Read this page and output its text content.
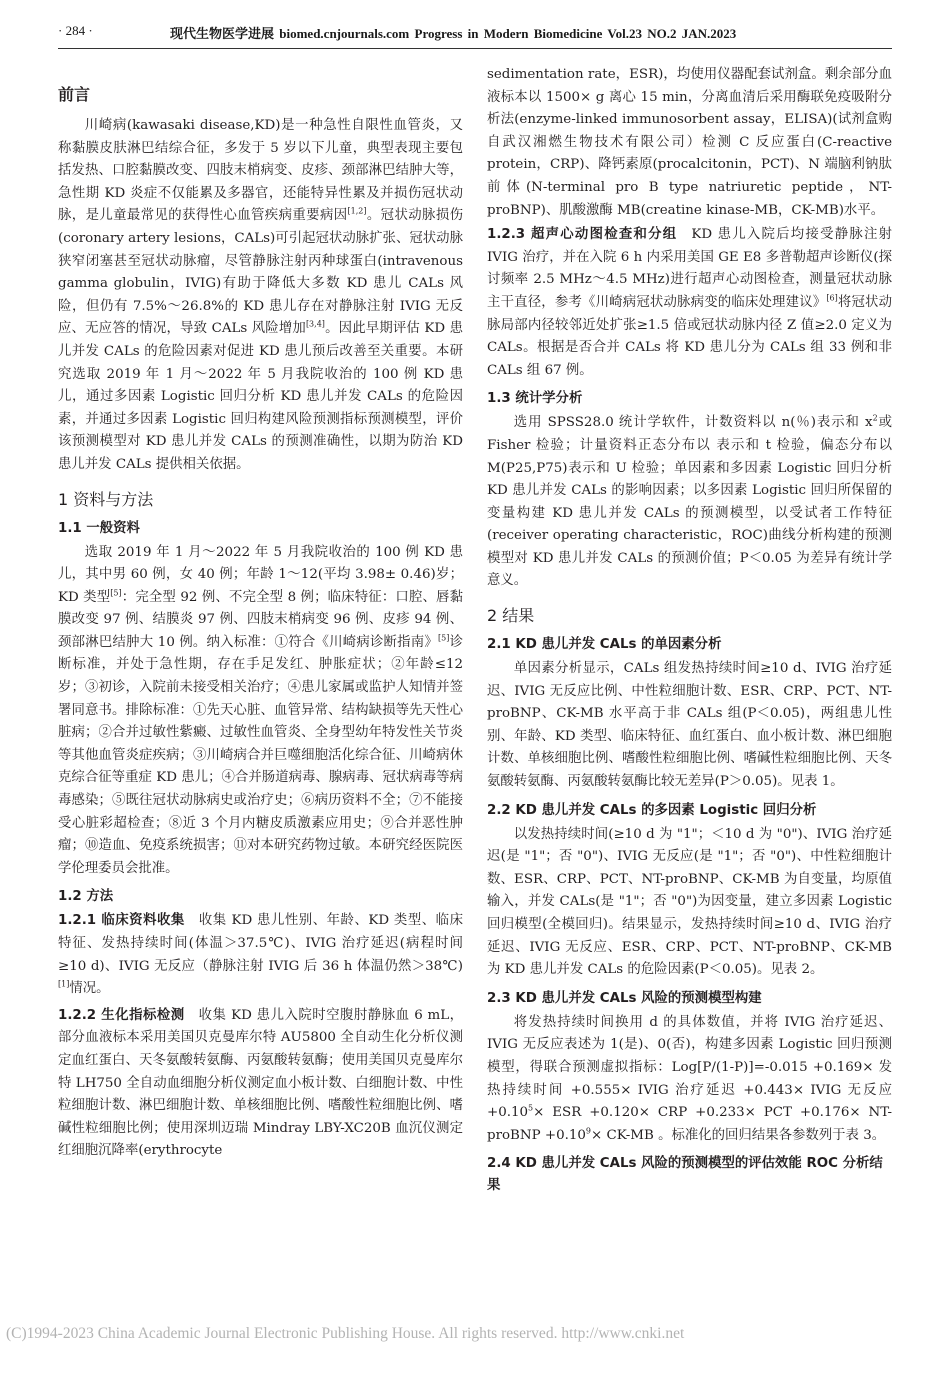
· 284 ·	现代生物医学进展 biomed.cnjournals.com Progress in Modern Biomedicine Vol.23 NO.2 JAN.2023
前言

川崎病(kawasaki disease,KD)是一种急性自限性血管炎，又称黏膜皮肤淋巴结综合征，多发于 5 岁以下儿童，典型表现主要包括发热、口腔黏膜改变、四肢末梢病变、皮疹、颈部淋巴结肿大等，急性期 KD 炎症不仅能累及多器官，还能特异性累及并损伤冠状动脉，是儿童最常见的获得性心血管疾病重要病因[1,2]。冠状动脉损伤(coronary artery lesions，CALs)可引起冠状动脉扩张、冠状动脉狭窄闭塞甚至冠状动脉瘤，尽管静脉注射丙种球蛋白(intravenous gamma globulin，IVIG)有助于降低大多数 KD 患儿 CALs 风险，但仍有 7.5%～26.8%的 KD 患儿存在对静脉注射 IVIG 无反应、无应答的情况，导致 CALs 风险增加[3,4]。因此早期评估 KD 患儿并发 CALs 的危险因素对促进 KD 患儿预后改善至关重要。本研究选取 2019 年 1 月～2022 年 5 月我院收治的 100 例 KD 患儿，通过多因素 Logistic 回归分析 KD 患儿并发 CALs 的危险因素，并通过多因素 Logistic 回归构建风险预测指标预测模型，评价该预测模型对 KD 患儿并发 CALs 的预测准确性，以期为防治 KD 患儿并发 CALs 提供相关依据。

1 资料与方法
1.1 一般资料

选取 2019 年 1 月～2022 年 5 月我院收治的 100 例 KD 患儿，其中男 60 例，女 40 例；年龄 1～12(平均 3.98± 0.46)岁；KD 类型[5]：完全型 92 例、不完全型 8 例；临床特征：口腔、唇黏膜改变 97 例、结膜炎 97 例、四肢末梢病变 96 例、皮疹 94 例、颈部淋巴结肿大 10 例。纳入标准：①符合《川崎病诊断指南》[5]诊断标准，并处于急性期，存在手足发红、肿胀症状；②年龄≤12 岁；③初诊，入院前未接受相关治疗；④患儿家属或监护人知情并签署同意书。排除标准：①先天心脏、血管异常、结构缺损等先天性心脏病；②合并过敏性紫癜、过敏性血管炎、全身型幼年特发性关节炎等其他血管炎症疾病；③川崎病合并巨噬细胞活化综合征、川崎病休克综合征等重症 KD 患儿；④合并肠道病毒、腺病毒、冠状病毒等病毒感染；⑤既往冠状动脉病史或治疗史；⑥病历资料不全；⑦不能接受心脏彩超检查；⑧近 3 个月内糖皮质激素应用史；⑨合并恶性肿瘤；⑩造血、免疫系统损害；⑪对本研究药物过敏。本研究经医院医学伦理委员会批准。

1.2 方法

1.2.1 临床资料收集 收集 KD 患儿性别、年龄、KD 类型、临床特征、发热持续时间(体温＞37.5℃)、IVIG 治疗延迟(病程时间≥10 d)、IVIG 无反应（静脉注射 IVIG 后 36 h 体温仍然＞38℃)[1]情况。

1.2.2 生化指标检测 收集 KD 患儿入院时空腹肘静脉血 6 mL，部分血液标本采用美国贝克曼库尔特 AU5800 全自动生化分析仪测定血红蛋白、天冬氨酸转氨酶、丙氨酸转氨酶；使用美国贝克曼库尔特 LH750 全自动血细胞分析仪测定血小板计数、白细胞计数、中性粒细胞计数、淋巴细胞计数、单核细胞比例、嗜酸性粒细胞比例、嗜碱性粒细胞比例；使用深圳迈瑞 Mindray LBY-XC20B 血沉仪测定红细胞沉降率(erythrocyte

sedimentation rate，ESR)，均使用仪器配套试剂盒。剩余部分血液标本以 1500× g 离心 15 min，分离血清后采用酶联免疫吸附分析法(enzyme-linked immunosorbent assay，ELISA)(试剂盒购自武汉湘燃生物技术有限公司）检测 C 反应蛋白(C-reactive protein，CRP)、降钙素原(procalcitonin，PCT)、N 端脑利钠肽前体(N-terminal pro B type natriuretic peptide，NT-proBNP)、肌酸激酶 MB(creatine kinase-MB，CK-MB)水平。

1.2.3 超声心动图检查和分组 KD 患儿入院后均接受静脉注射 IVIG 治疗，并在入院 6 h 内采用美国 GE E8 多普勒超声诊断仪(探讨频率 2.5 MHz～4.5 MHz)进行超声心动图检查，测量冠状动脉主干直径，参考《川崎病冠状动脉病变的临床处理建议》[6]将冠状动脉局部内径较邻近处扩张≥1.5 倍或冠状动脉内径 Z 值≥2.0 定义为 CALs。根据是否合并 CALs 将 KD 患儿分为 CALs 组 33 例和非 CALs 组 67 例。

1.3 统计学分析

选用 SPSS28.0 统计学软件，计数资料以 n(％)表示和 $x^2$或 Fisher 检验；计量资料正态分布以 表示和 t 检验，偏态分布以 M(P25,P75)表示和 U 检验；单因素和多因素 Logistic 回归分析 KD 患儿并发 CALs 的影响因素；以多因素 Logistic 回归所保留的变量构建 KD 患儿并发 CALs 的预测模型，以受试者工作特征(receiver operating characteristic，ROC)曲线分析构建的预测模型对 KD 患儿并发 CALs 的预测价值；P＜0.05 为差异有统计学意义。

2 结果
2.1 KD 患儿并发 CALs 的单因素分析

单因素分析显示，CALs 组发热持续时间≥10 d、IVIG 治疗延迟、IVIG 无反应比例、中性粒细胞计数、ESR、CRP、PCT、NT-proBNP、CK-MB 水平高于非 CALs 组(P＜0.05)，两组患儿性别、年龄、KD 类型、临床特征、血红蛋白、血小板计数、淋巴细胞计数、单核细胞比例、嗜酸性粒细胞比例、嗜碱性粒细胞比例、天冬氨酸转氨酶、丙氨酸转氨酶比较无差异(P＞0.05)。见表 1。

2.2 KD 患儿并发 CALs 的多因素 Logistic 回归分析

以发热持续时间(≥10 d 为 "1"；＜10 d 为 "0")、IVIG 治疗延迟(是 "1"；否 "0")、IVIG 无反应(是 "1"；否 "0")、中性粒细胞计数、ESR、CRP、PCT、NT-proBNP、CK-MB 为自变量，均原值输入，并发 CALs(是 "1"；否 "0")为因变量，建立多因素 Logistic 回归模型(全模回归)。结果显示，发热持续时间≥10 d、IVIG 治疗延迟、IVIG 无反应、ESR、CRP、PCT、NT-proBNP、CK-MB 为 KD 患儿并发 CALs 的危险因素(P＜0.05)。见表 2。

2.3 KD 患儿并发 CALs 风险的预测模型构建

将发热持续时间换用 d 的具体数值，并将 IVIG 治疗延迟、IVIG 无反应表述为 1(是)、0(否)，构建多因素 Logistic 回归预测模型，得联合预测虚拟指标：Log[P/(1-P)]=-0.015 +0.169× 发热持续时间 +0.555× IVIG 治疗延迟 +0.443× IVIG 无反应 $+0.10^5\times$ ESR +0.120× CRP +0.233× PCT +0.176× NT-proBNP $+0.10^9\times CK-MB$ 。标准化的回归结果各参数列于表 3。

2.4 KD 患儿并发 CALs 风险的预测模型的评估效能 ROC 分析结果
(C)1994-2023 China Academic Journal Electronic Publishing House. All rights reserved. http://www.cnki.net
